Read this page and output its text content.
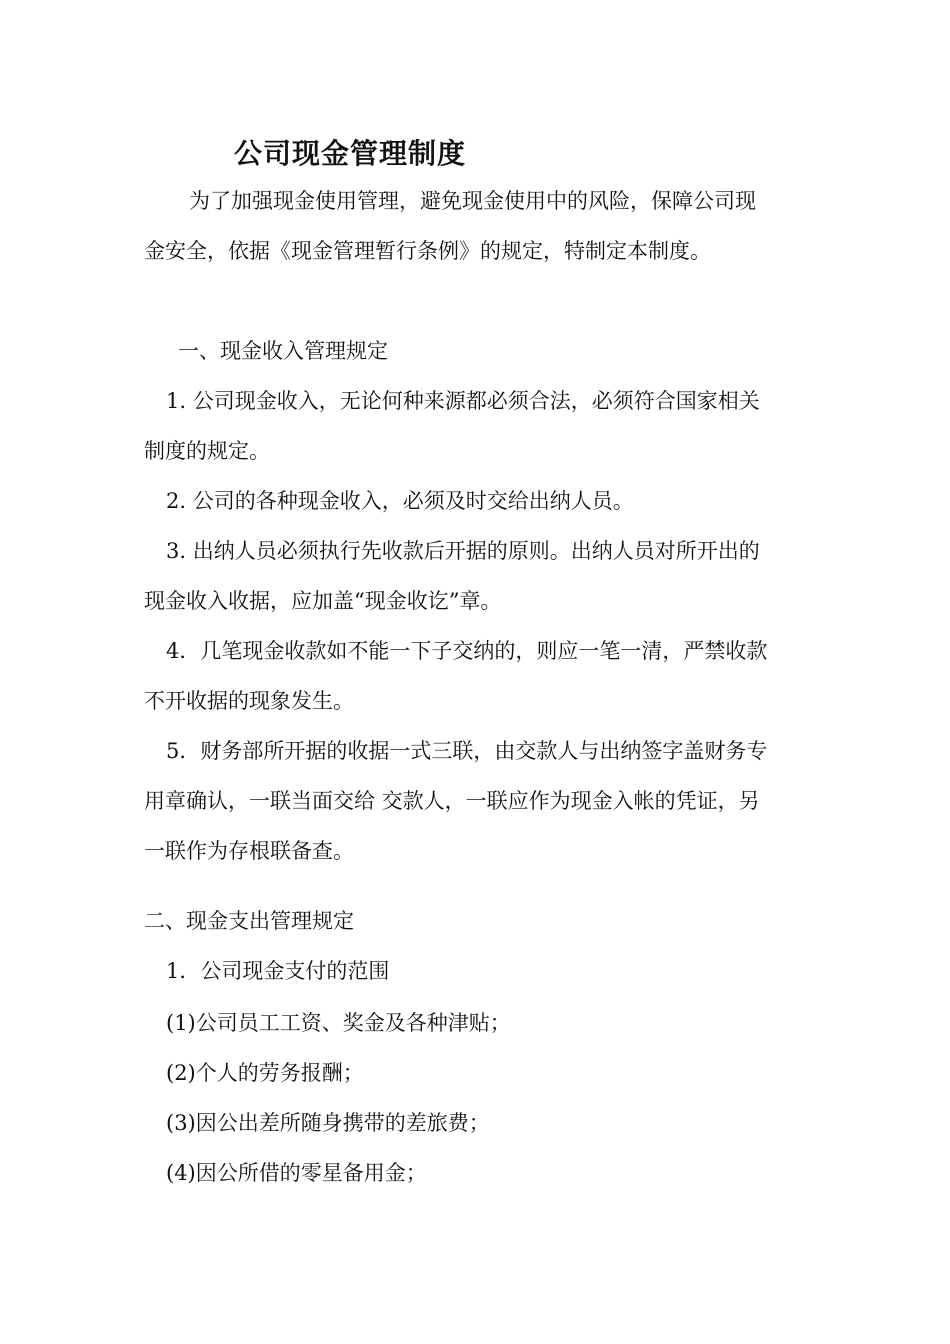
公司现金管理制度
为了加强现金使用管理，避免现金使用中的风险，保障公司现
金安全，依据《现金管理暂行条例》的规定，特制定本制度。
一、现金收入管理规定
1. 公司现金收入，无论何种来源都必须合法，必须符合国家相关
制度的规定。
2. 公司的各种现金收入，必须及时交给出纳人员。
3. 出纳人员必须执行先收款后开据的原则。出纳人员对所开出的
现金收入收据，应加盖“现金收讫”章。
4．几笔现金收款如不能一下子交纳的，则应一笔一清，严禁收款
不开收据的现象发生。
5．财务部所开据的收据一式三联，由交款人与出纳签字盖财务专
用章确认，一联当面交给 交款人，一联应作为现金入帐的凭证，另
一联作为存根联备查。
二、现金支出管理规定
1．公司现金支付的范围
(1)公司员工工资、奖金及各种津贴；
(2)个人的劳务报酬；
(3)因公出差所随身携带的差旅费；
(4)因公所借的零星备用金；
